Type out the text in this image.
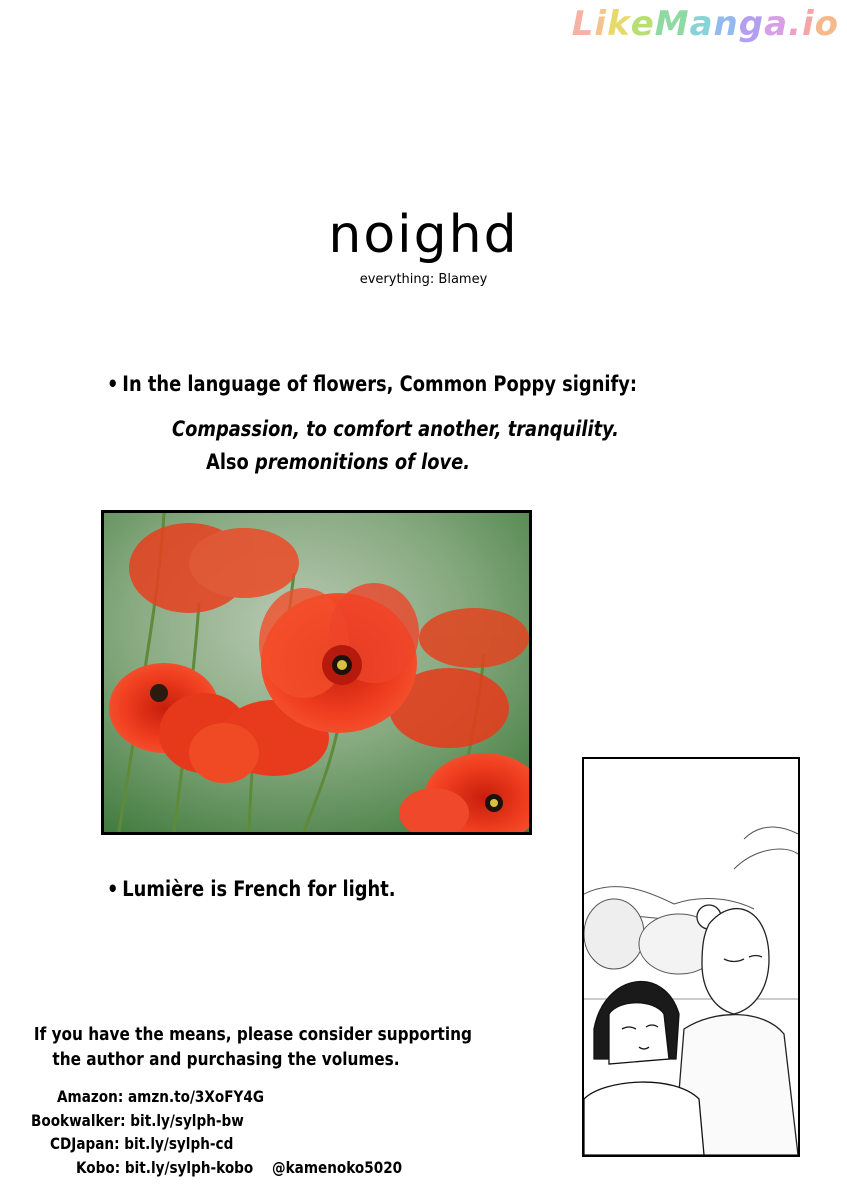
LikeManga.io
noighd
everything: Blamey
• In the language of flowers, Common Poppy signify:
Compassion, to comfort another, tranquility.
Also premonitions of love.
• Lumière is French for light.
If you have the means, please consider supporting
the author and purchasing the volumes.
Amazon: amzn.to/3XoFY4G
Bookwalker: bit.ly/sylph-bw
CDJapan: bit.ly/sylph-cd
Kobo: bit.ly/sylph-kobo @kamenoko5020
